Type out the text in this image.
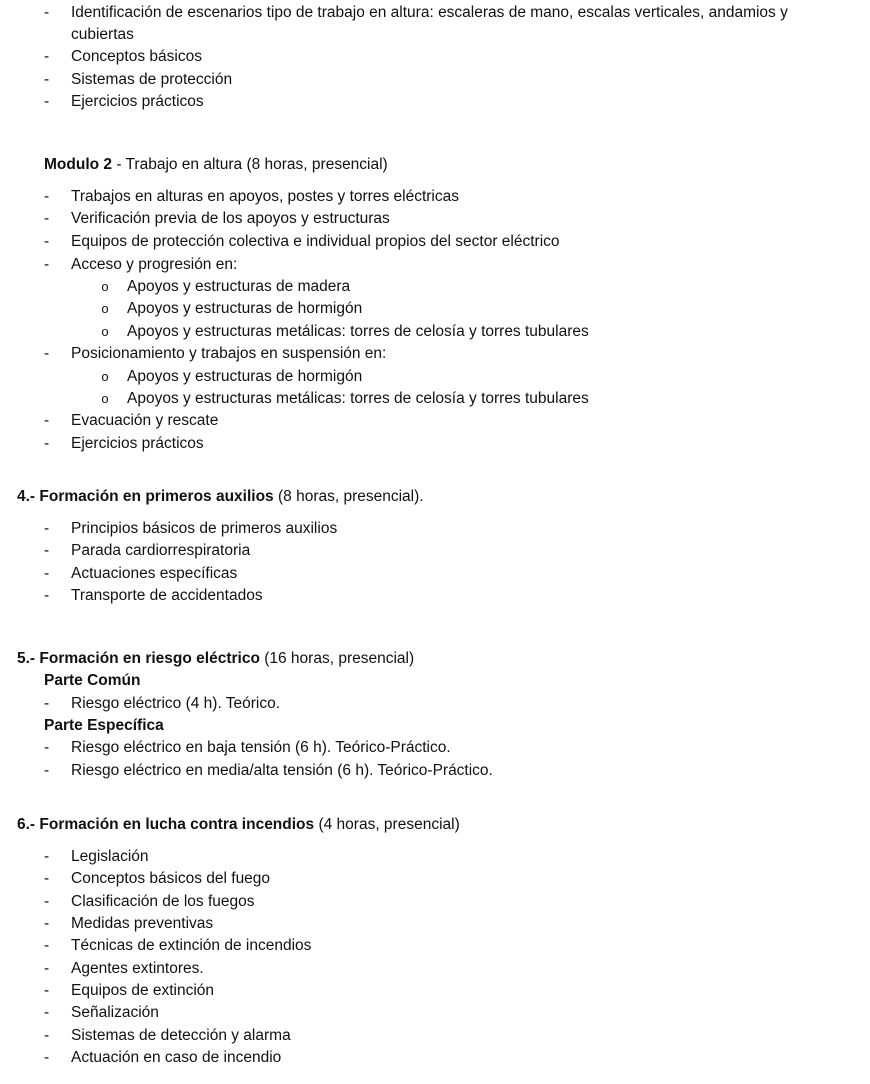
-	Identificación de escenarios tipo de trabajo en altura: escaleras de mano, escalas verticales, andamios y
cubiertas
-	Conceptos básicos
-	Sistemas de protección
-	Ejercicios prácticos
Modulo 2 - Trabajo en altura (8 horas, presencial)
-	Trabajos en alturas en apoyos, postes y torres eléctricas
-	Verificación previa de los apoyos y estructuras
-	Equipos de protección colectiva e individual propios del sector eléctrico
-	Acceso y progresión en:
o Apoyos y estructuras de madera
o Apoyos y estructuras de hormigón
o Apoyos y estructuras metálicas: torres de celosía y torres tubulares
-	Posicionamiento y trabajos en suspensión en:
o Apoyos y estructuras de hormigón
o Apoyos y estructuras metálicas: torres de celosía y torres tubulares
-	Evacuación y rescate
-	Ejercicios prácticos
4.- Formación en primeros auxilios (8 horas, presencial).
-	Principios básicos de primeros auxilios
-	Parada cardiorrespiratoria
-	Actuaciones específicas
-	Transporte de accidentados
5.- Formación en riesgo eléctrico (16 horas, presencial)
Parte Común
-	Riesgo eléctrico (4 h). Teórico.
Parte Específica
-	Riesgo eléctrico en baja tensión (6 h). Teórico-Práctico.
-	Riesgo eléctrico en media/alta tensión (6 h). Teórico-Práctico.
6.- Formación en lucha contra incendios (4 horas, presencial)
-	Legislación
-	Conceptos básicos del fuego
-	Clasificación de los fuegos
-	Medidas preventivas
-	Técnicas de extinción de incendios
-	Agentes extintores.
-	Equipos de extinción
-	Señalización
-	Sistemas de detección y alarma
-	Actuación en caso de incendio
